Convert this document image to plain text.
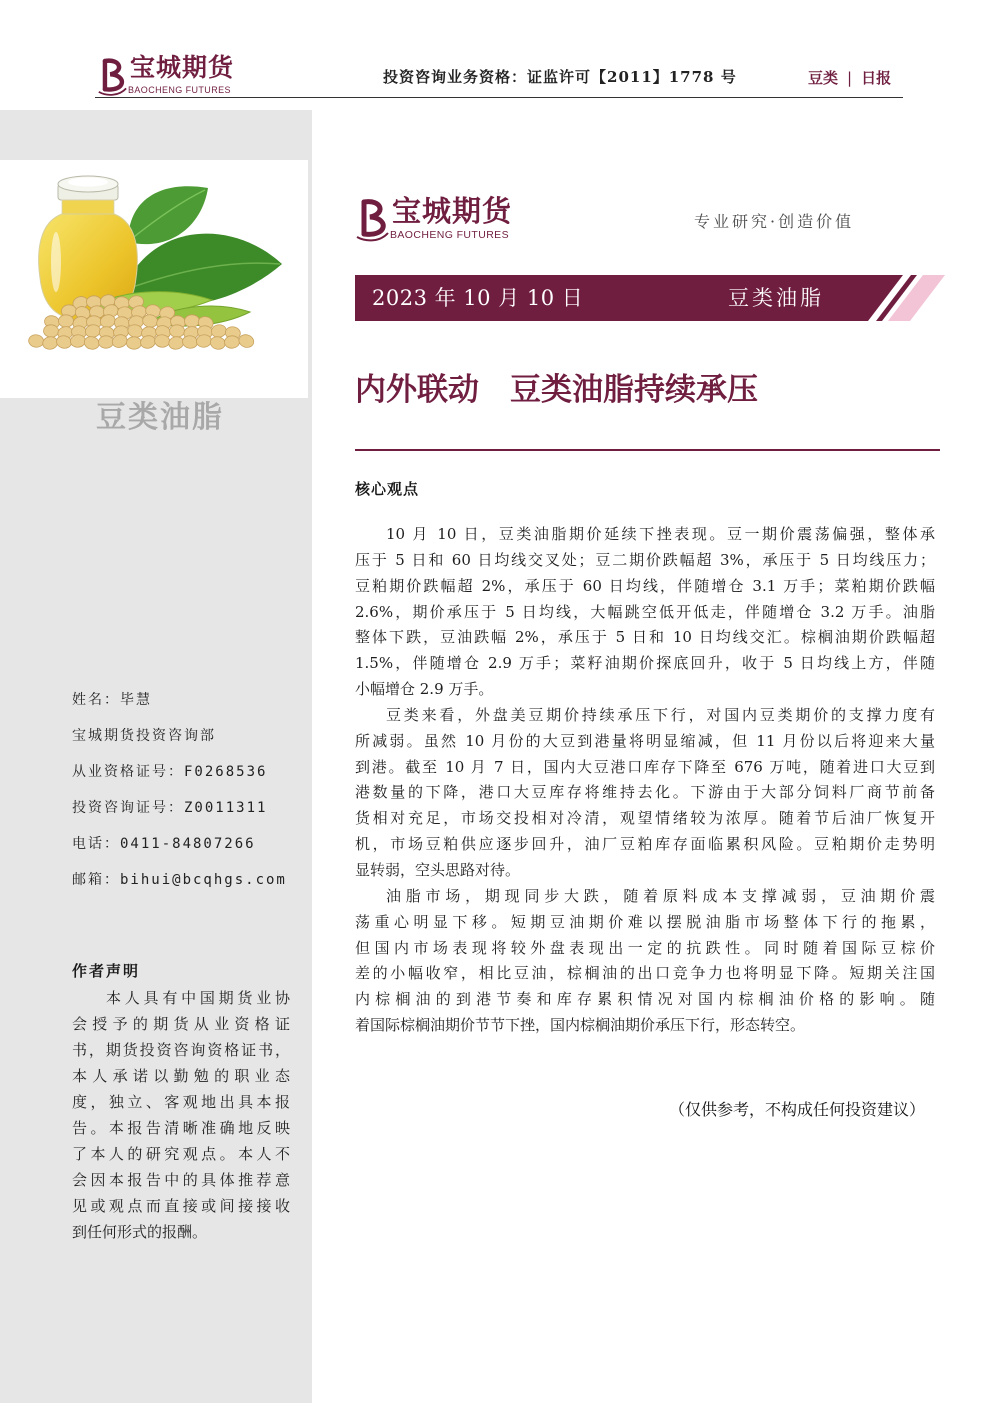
宝城期货
BAOCHENG FUTURES
投资咨询业务资格：证监许可【2011】1778 号	豆类 | 日报
豆类油脂
姓名：毕慧
宝城期货投资咨询部
从业资格证号：F0268536
投资咨询证号：Z0011311
电话：0411-84807266
邮箱：bihui@bcqhgs.com
作者声明
本人具有中国期货业协
会授予的期货从业资格证
书，期货投资咨询资格证书，
本人承诺以勤勉的职业态
度，独立、客观地出具本报
告。本报告清晰准确地反映
了本人的研究观点。本人不
会因本报告中的具体推荐意
见或观点而直接或间接接收
到任何形式的报酬。
宝城期货
BAOCHENG FUTURES
专业研究·创造价值
2023 年 10 月 10 日	豆类油脂
内外联动　豆类油脂持续承压
核心观点
10 月 10 日，豆类油脂期价延续下挫表现。豆一期价震荡偏强，整体承
压于 5 日和 60 日均线交叉处；豆二期价跌幅超 3%，承压于 5 日均线压力；
豆粕期价跌幅超 2%，承压于 60 日均线，伴随增仓 3.1 万手；菜粕期价跌幅
2.6%，期价承压于 5 日均线，大幅跳空低开低走，伴随增仓 3.2 万手。油脂
整体下跌，豆油跌幅 2%，承压于 5 日和 10 日均线交汇。棕榈油期价跌幅超
1.5%，伴随增仓 2.9 万手；菜籽油期价探底回升，收于 5 日均线上方，伴随
小幅增仓 2.9 万手。
豆类来看，外盘美豆期价持续承压下行，对国内豆类期价的支撑力度有
所减弱。虽然 10 月份的大豆到港量将明显缩减，但 11 月份以后将迎来大量
到港。截至 10 月 7 日，国内大豆港口库存下降至 676 万吨，随着进口大豆到
港数量的下降，港口大豆库存将维持去化。下游由于大部分饲料厂商节前备
货相对充足，市场交投相对冷清，观望情绪较为浓厚。随着节后油厂恢复开
机，市场豆粕供应逐步回升，油厂豆粕库存面临累积风险。豆粕期价走势明
显转弱，空头思路对待。
油脂市场，期现同步大跌，随着原料成本支撑减弱，豆油期价震
荡重心明显下移。短期豆油期价难以摆脱油脂市场整体下行的拖累，
但国内市场表现将较外盘表现出一定的抗跌性。同时随着国际豆棕价
差的小幅收窄，相比豆油，棕榈油的出口竞争力也将明显下降。短期关注国
内棕榈油的到港节奏和库存累积情况对国内棕榈油价格的影响。随
着国际棕榈油期价节节下挫，国内棕榈油期价承压下行，形态转空。
（仅供参考，不构成任何投资建议）
